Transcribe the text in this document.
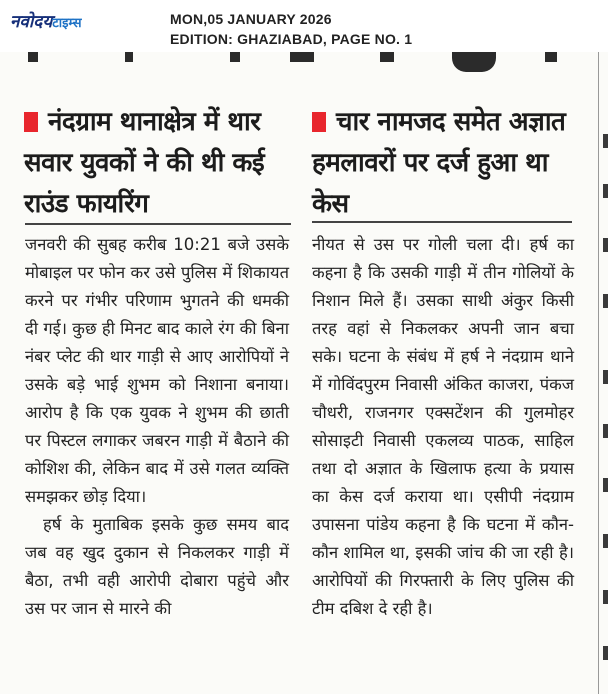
नवोदयटाइम्स	MON,05 JANUARY 2026
EDITION: GHAZIABAD, PAGE NO. 1
नंदग्राम थानाक्षेत्र में थार सवार युवकों ने की थी कई राउंड फायरिंग

जनवरी की सुबह करीब 10:21 बजे उसके मोबाइल पर फोन कर उसे पुलिस में शिकायत करने पर गंभीर परिणाम भुगतने की धमकी दी गई। कुछ ही मिनट बाद काले रंग की बिना नंबर प्लेट की थार गाड़ी से आए आरोपियों ने उसके बड़े भाई शुभम को निशाना बनाया। आरोप है कि एक युवक ने शुभम की छाती पर पिस्टल लगाकर जबरन गाड़ी में बैठाने की कोशिश की, लेकिन बाद में उसे गलत व्यक्ति समझकर छोड़ दिया।

हर्ष के मुताबिक इसके कुछ समय बाद जब वह खुद दुकान से निकलकर गाड़ी में बैठा, तभी वही आरोपी दोबारा पहुंचे और उस पर जान से मारने की

चार नामजद समेत अज्ञात हमलावरों पर दर्ज हुआ था केस

नीयत से उस पर गोली चला दी। हर्ष का कहना है कि उसकी गाड़ी में तीन गोलियों के निशान मिले हैं। उसका साथी अंकुर किसी तरह वहां से निकलकर अपनी जान बचा सके। घटना के संबंध में हर्ष ने नंदग्राम थाने में गोविंदपुरम निवासी अंकित काजरा, पंकज चौधरी, राजनगर एक्सटेंशन की गुलमोहर सोसाइटी निवासी एकलव्य पाठक, साहिल तथा दो अज्ञात के खिलाफ हत्या के प्रयास का केस दर्ज कराया था। एसीपी नंदग्राम उपासना पांडेय कहना है कि घटना में कौन-कौन शामिल था, इसकी जांच की जा रही है। आरोपियों की गिरफ्तारी के लिए पुलिस की टीम दबिश दे रही है।
